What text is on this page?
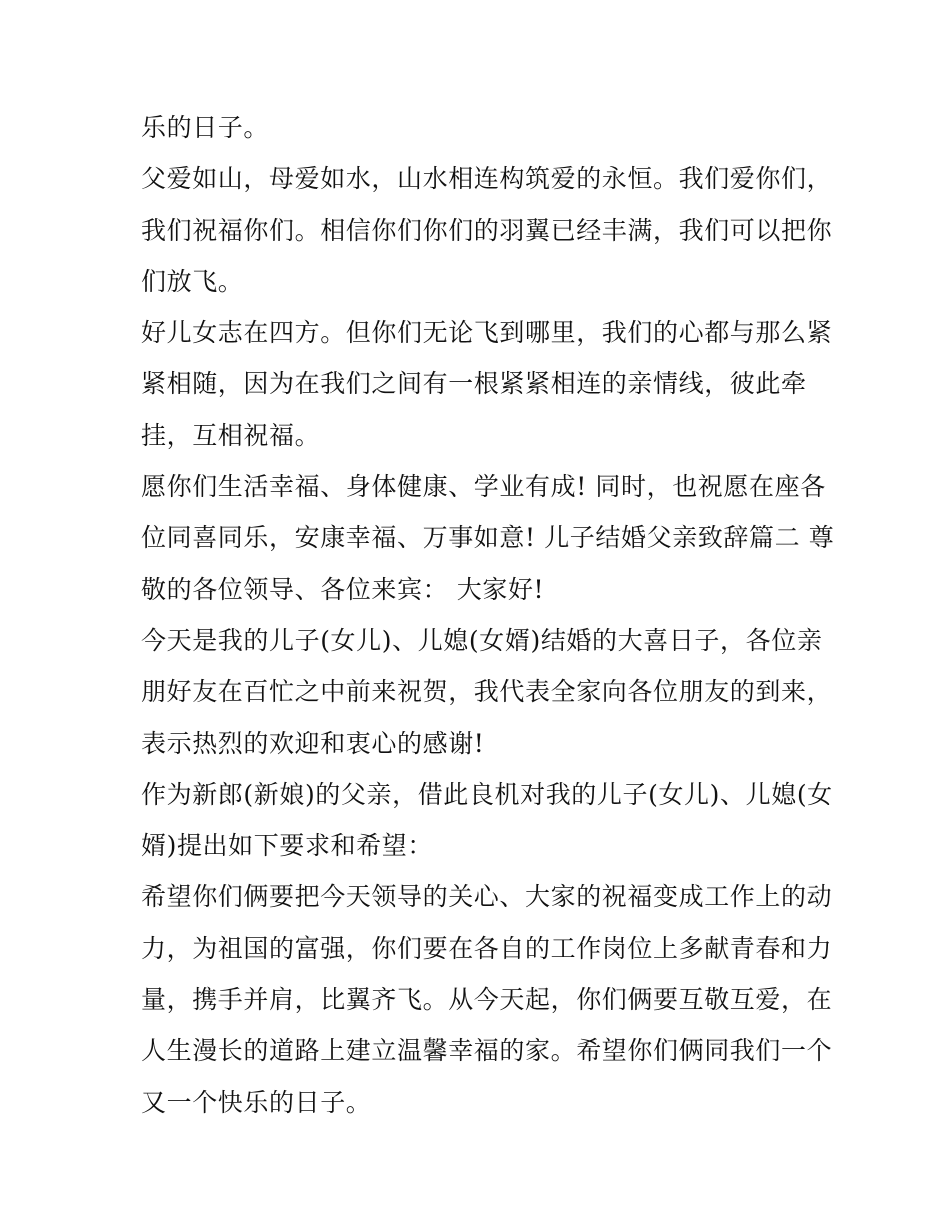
乐的日子。
父爱如山，母爱如水，山水相连构筑爱的永恒。我们爱你们，
我们祝福你们。相信你们你们的羽翼已经丰满，我们可以把你
们放飞。
好儿女志在四方。但你们无论飞到哪里，我们的心都与那么紧
紧相随，因为在我们之间有一根紧紧相连的亲情线，彼此牵
挂，互相祝福。
愿你们生活幸福、身体健康、学业有成! 同时，也祝愿在座各
位同喜同乐，安康幸福、万事如意! 儿子结婚父亲致辞篇二 尊
敬的各位领导、各位来宾： 大家好!
今天是我的儿子(女儿)、儿媳(女婿)结婚的大喜日子，各位亲
朋好友在百忙之中前来祝贺，我代表全家向各位朋友的到来，
表示热烈的欢迎和衷心的感谢!
作为新郎(新娘)的父亲，借此良机对我的儿子(女儿)、儿媳(女
婿)提出如下要求和希望：
希望你们俩要把今天领导的关心、大家的祝福变成工作上的动
力，为祖国的富强，你们要在各自的工作岗位上多献青春和力
量，携手并肩，比翼齐飞。从今天起，你们俩要互敬互爱，在
人生漫长的道路上建立温馨幸福的家。希望你们俩同我们一个
又一个快乐的日子。
